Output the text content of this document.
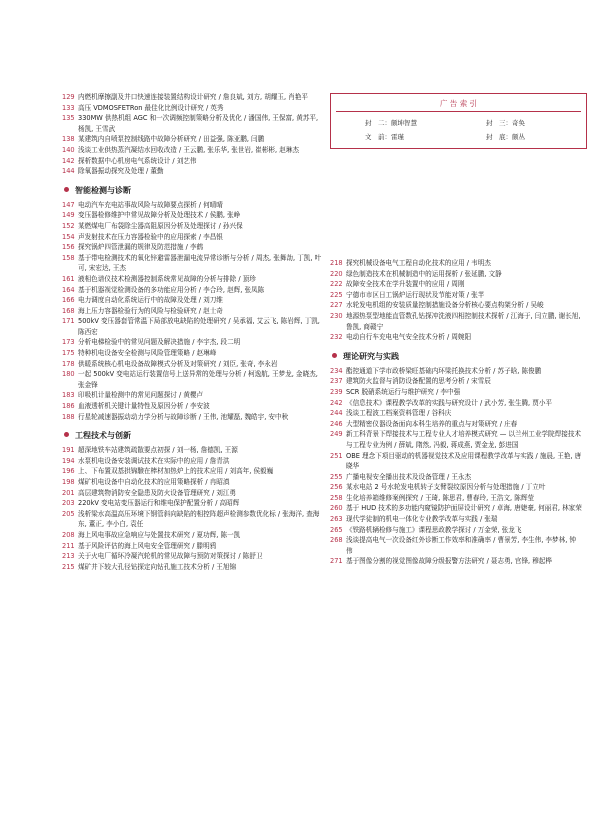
129 内燃机摩擦副及井口快速连接装置结构设计研究 / 詹良斌, 刘方, 胡耀玉, 肖艳平
133 高压 VDMOSFETRon 最佳化比例设计研究 / 英秀
135 330MW 供热机组 AGC 和一次调频控制策略分析及优化 / 潘国伟, 王保富, 黄苏平, 杨凯, 王雪武
138 某建筑内自喷泵控制线路中故障分析研究 / 田益强, 陈亚鹏, 闫鹏
140 浅谈工业供热蒸汽凝结水回收改造 / 王云鹏, 张乐华, 张世岩, 崔彬彬, 赵琳杰
142 探析数据中心机房电气系统设计 / 刘艺伟
144 除氧器振动探究及处理 / 董勤
智能检测与诊断
147 电动汽车充电站事故风险与故障要点探析 / 何晴晴
149 变压器检修维护中常见故障分析及处理技术 / 侯鹏, 张峥
152 某燃煤电厂布袋除尘器高阻原因分析及处理探讨 / 孙兴保
154 声发射技术在压力容器检验中的应用探索 / 李昌银
156 探究锅炉四管泄漏的规律及防范措施 / 李鹤
158 基于带电检测技术的氧化锌避雷器泄漏电流异常诊断与分析 / 周杰, 张舞劼, 丁凯, 叶可, 宋宏达, 王杰
161 液相色谱仪技术检测器控制系统常见故障的分析与排除 / 顶珍
164 基于机器视觉检测设备的多功能应用分析 / 李合玲, 赵辉, 张凤陈
166 电力调度自动化系统运行中的故障及处理 / 刘刀维
168 海上压力容器检验行为的风险与检验研究 / 赵士奇
171 500kV 变压器套管常温下局部放电缺陷的处理研究 / 吴承福, 艾云飞, 陈岩辉, 丁凯, 陈西宏
173 分析电梯检验中的常见问题及解决措施 / 李宇杰, 段二明
175 特种机电设备安全检测与风险管理策略 / 赵琳峰
178 供暖系统核心机电设备故障模式分析及对策研究 / 刘臣, 张奇, 李永岩
180 一起 500kV 变电站运行装置信号上送异常的处理与分析 / 柯逸航, 王梦龙, 金晓杰, 张金锋
183 印吸机计量检测中的常见问题探讨 / 黄樱卢
186 血液透析机关键计量特性及原因分析 / 李安波
188 行星轮减速器振动动力学分析与故障诊断 / 王伟, 池耀磊, 魏皓宇, 安中秋
工程技术与创新
191 超深地铁车站建筑疏散要点初探 / 刘一杨, 詹德凯, 王源
194 水泵机电设备安装调试技术在实际中的应用 / 詹青洪
196 上、下布置双基拱锦驗在棒材加热炉上的技术应用 / 刘高年, 侯毅巍
198 煤矿机电设备中自动化技术的应用策略探析 / 冉昭滇
201 高层建筑物消防安全隐患及防火设备管理研究 / 刘江勇
203 220kV 变电站变压器运行和维电保护配置分析 / 高昭辉
205 浅析梁水高温高压环境下钢管斜向缺陷的相控阵超声检测参数优化标 / 张海洋, 查海东, 董正, 李小白, 袁任
208 海上风电事故应急响应与处置技术研究 / 夏功辉, 陈一凯
211 基于风险评估的海上风电安全管理研究 / 滕明鸦
213 关于火电厂循环冷凝汽轮机的常见故障与预防对策探讨 / 陈舒卫
215 煤矿井下较大孔径钻探定向钻孔施工技术分析 / 王旭锦
广 告 索 引
封　二：颇坤智慧	封　三：奇奂
文　前：雷瑾	封　底：颇丛
218 探究机械设备电气工程自动化技术的应用 / 韦明杰
220 绿色制造技术在机械制造中的运用探析 / 张延鹏, 文静
222 故障安全技术在学升装置中的应用 / 周刚
225 宁德市市区日工锅炉运行现状及节能对策 / 张芊
227 水轮发电机组的安装质量控制措施设备分析核心要点构架分析 / 吴峻
230 地源热泵型地能直管数孔钻探冲洗液四相控制技术探析 / 江海于, 闫立鹏, 谢长旭, 鲁凯, 商赣宁
232 电动自行车充电电气安全技术分析 / 周婉阳
理论研究与实践
234 酯控通道下学市政桥梁旺基础内环梁托换技术分析 / 苏子晗, 陈俊鹏
237 建筑防火监督与消防设备配置的思考分析 / 宋雪辰
239 SCR 脱硝系统运行与维护研究 / 李中强
242 《信息技术》课程教学改革的实践与研究设计 / 武小芳, 张生腾, 贾小平
244 浅谈工程波工档案资料管理 / 谷科庆
246 大型精密仪器设备面向本科生培养的重点与对策研究 / 庄春
249 新工科背景下焊接技术与工程专业人才培养模式研究 — 以兰州工业学院焊接技术与工程专业为例 / 薛斌, 隋然, 冯毅, 蒋成燕, 贾金龙, 彭进国
251 OBE 理念下项目驱动的机器视觉技术及应用课程教学改革与实践 / 施晨, 王艳, 唐晓华
255 广播电视安全播出技术及设备管理 / 王永杰
256 某水电站 2 号水轮发电机转子支臂裂纹原因分析与处理措施 / 丁立叶
258 生化培养箱维修案例探究 / 王琦, 陈思君, 曹春玲, 王浩文, 陈辉莹
260 基于 HUD 技术的多功能内窥镜防护面屏设计研究 / 卓海, 唐婕豪, 何丽君, 林家荣
263 现代学徒制的机电一体化专业教学改革与实践 / 张瑞
265 《铁路机辆检修与施工》课程思政教学探讨 / 万金荣, 张龙飞
268 浅谈提高电气一次设备红外诊断工作效率和准确率 / 曹景芳, 李生伟, 李梦林, 钟伟
271 基于图像分割的视觉图像故障分级报警方法研究 / 聂志勇, 官锋, 穆起桦
